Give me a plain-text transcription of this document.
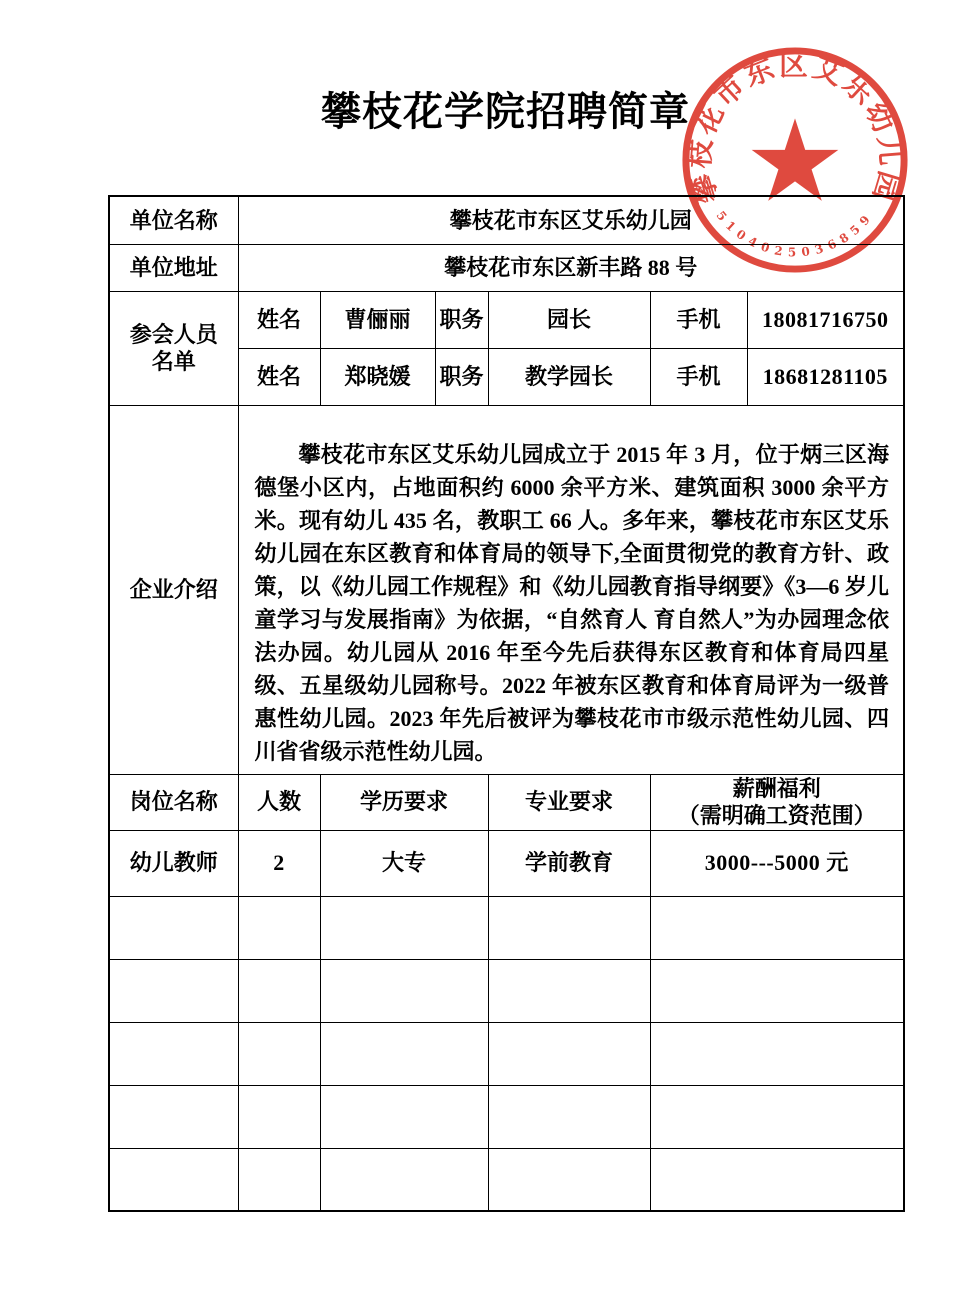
攀枝花学院招聘简章
攀枝花市东区艾乐幼儿园
5104025036859
单位名称	攀枝花市东区艾乐幼儿园					
单位地址	攀枝花市东区新丰路 88 号					
参会人员
名单	姓名	曹俪丽	职务	园长	手机	18081716750
	姓名	郑晓媛	职务	教学园长	手机	18681281105
企业介绍	攀枝花市东区艾乐幼儿园成立于 2015 年 3 月，位于炳三区海德堡小区内，占地面积约 6000 余平方米、建筑面积 3000 余平方米。现有幼儿 435 名，教职工 66 人。多年来，攀枝花市东区艾乐幼儿园在东区教育和体育局的领导下,全面贯彻党的教育方针、政策，以《幼儿园工作规程》和《幼儿园教育指导纲要》《3—6 岁儿童学习与发展指南》为依据，“自然育人 育自然人”为办园理念依法办园。幼儿园从 2016 年至今先后获得东区教育和体育局四星级、五星级幼儿园称号。2022 年被东区教育和体育局评为一级普惠性幼儿园。2023 年先后被评为攀枝花市市级示范性幼儿园、四川省省级示范性幼儿园。					

岗位名称	人数	学历要求		专业要求	薪酬福利
（需明确工资范围）	
幼儿教师	2	大专		学前教育	3000---5000 元	
